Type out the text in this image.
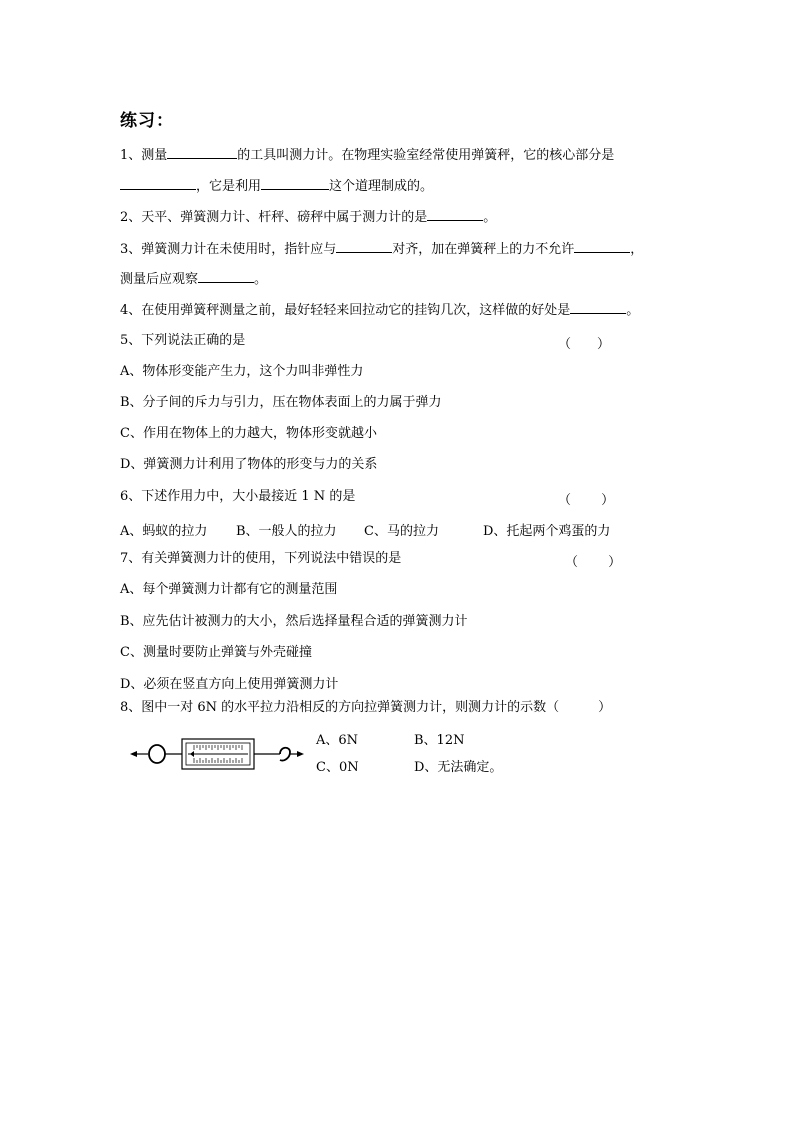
练习：
1、测量	的工具叫测力计。在物理实验室经常使用弹簧秤，它的核心部分是
，它是利用	这个道理制成的。
2、天平、弹簧测力计、杆秤、磅秤中属于测力计的是	。
3、弹簧测力计在未使用时，指针应与	对齐，加在弹簧秤上的力不允许	，
测量后应观察	。
4、在使用弹簧秤测量之前，最好轻轻来回拉动它的挂钩几次，这样做的好处是	。
5、下列说法正确的是	（　　）
A、物体形变能产生力，这个力叫非弹性力
B、分子间的斥力与引力，压在物体表面上的力属于弹力
C、作用在物体上的力越大，物体形变就越小
D、弹簧测力计利用了物体的形变与力的关系
6、下述作用力中，大小最接近 1 N 的是	（　　 ）
A、蚂蚁的拉力 B、一般人的拉力 C、马的拉力	D、托起两个鸡蛋的力
7、有关弹簧测力计的使用，下列说法中错误的是	（　　 ）
A、每个弹簧测力计都有它的测量范围
B、应先估计被测力的大小，然后选择量程合适的弹簧测力计
C、测量时要防止弹簧与外壳碰撞
D、必须在竖直方向上使用弹簧测力计
8、图中一对 6N 的水平拉力沿相反的方向拉弹簧测力计，则测力计的示数（　　　）
A、6N	B、12N
C、0N	D、无法确定。
